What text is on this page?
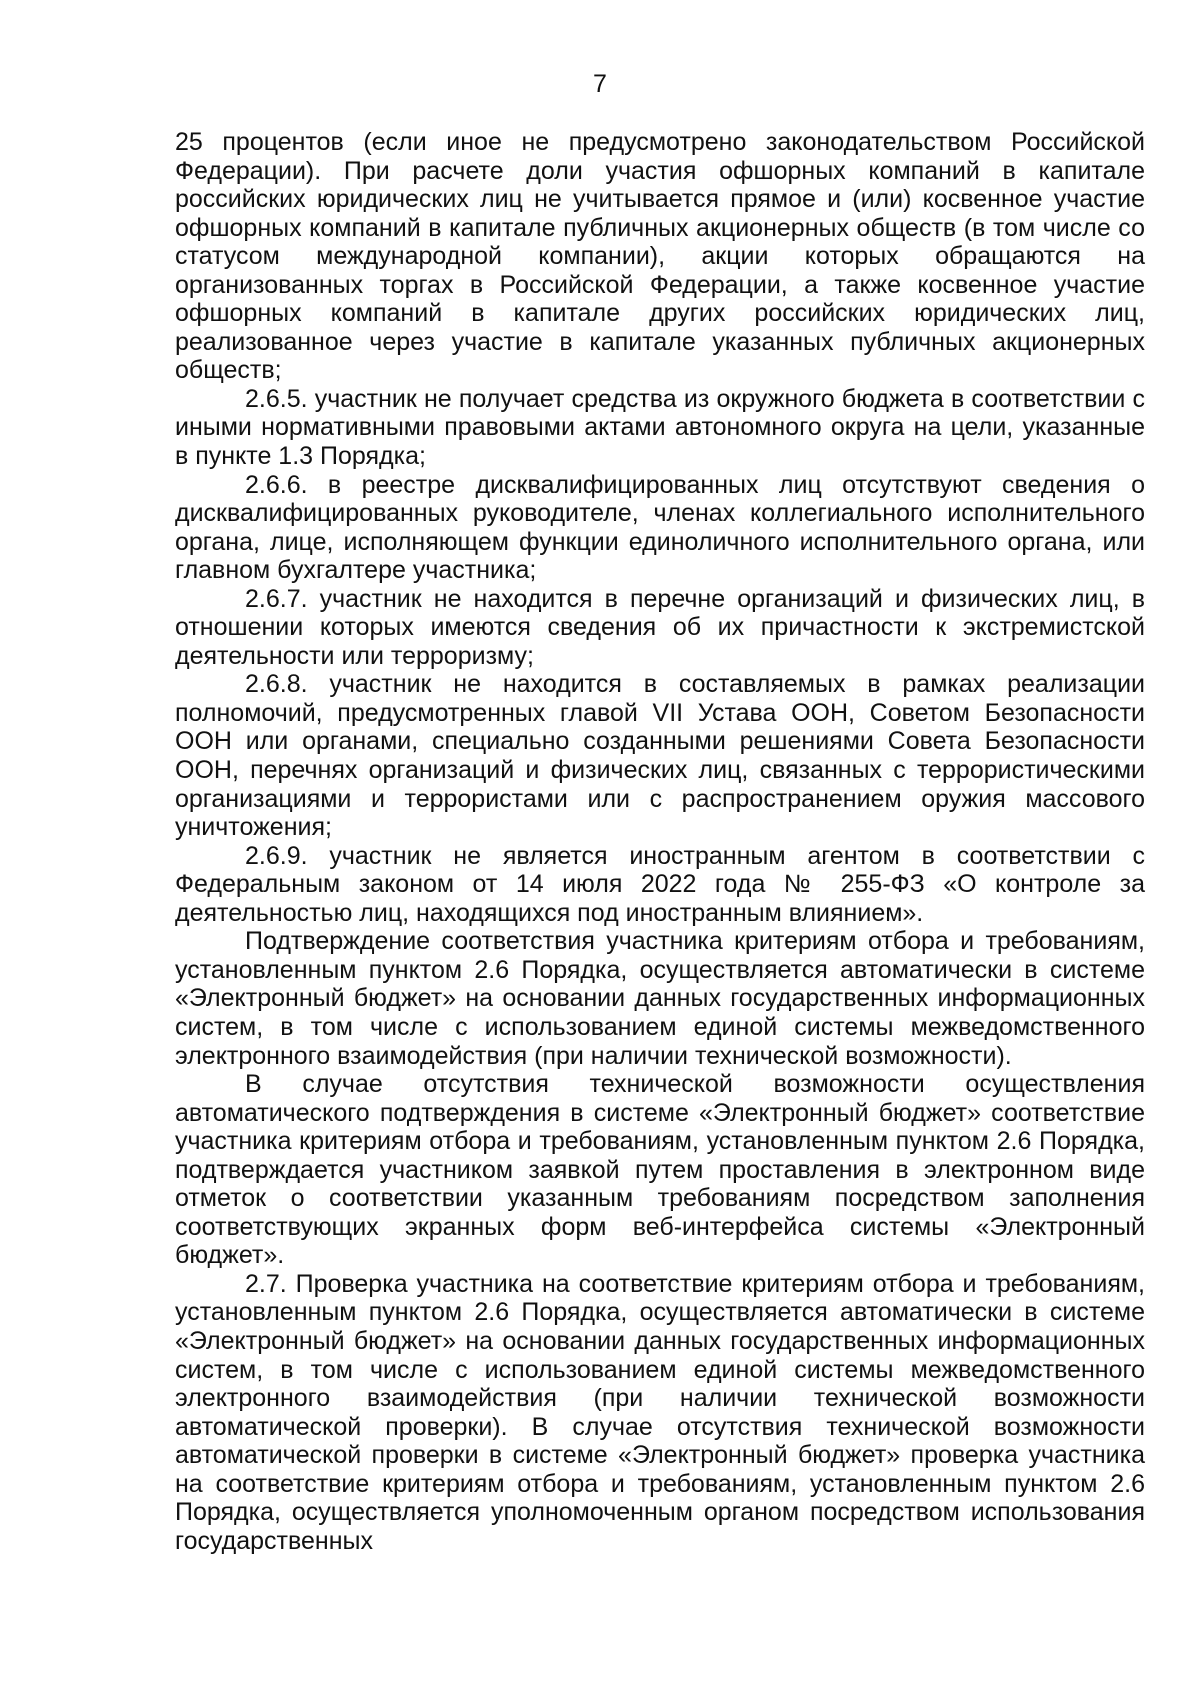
7

25 процентов (если иное не предусмотрено законодательством Российской Федерации). При расчете доли участия офшорных компаний в капитале российских юридических лиц не учитывается прямое и (или) косвенное участие офшорных компаний в капитале публичных акционерных обществ (в том числе со статусом международной компании), акции которых обращаются на организованных торгах в Российской Федерации, а также косвенное участие офшорных компаний в капитале других российских юридических лиц, реализованное через участие в капитале указанных публичных акционерных обществ;

2.6.5. участник не получает средства из окружного бюджета в соответствии с иными нормативными правовыми актами автономного округа на цели, указанные в пункте 1.3 Порядка;

2.6.6. в реестре дисквалифицированных лиц отсутствуют сведения о дисквалифицированных руководителе, членах коллегиального исполнительного органа, лице, исполняющем функции единоличного исполнительного органа, или главном бухгалтере участника;

2.6.7. участник не находится в перечне организаций и физических лиц, в отношении которых имеются сведения об их причастности к экстремистской деятельности или терроризму;

2.6.8. участник не находится в составляемых в рамках реализации полномочий, предусмотренных главой VII Устава ООН, Советом Безопасности ООН или органами, специально созданными решениями Совета Безопасности ООН, перечнях организаций и физических лиц, связанных с террористическими организациями и террористами или с распространением оружия массового уничтожения;

2.6.9. участник не является иностранным агентом в соответствии с Федеральным законом от 14 июля 2022 года № 255-ФЗ «О контроле за деятельностью лиц, находящихся под иностранным влиянием».

Подтверждение соответствия участника критериям отбора и требованиям, установленным пунктом 2.6 Порядка, осуществляется автоматически в системе «Электронный бюджет» на основании данных государственных информационных систем, в том числе с использованием единой системы межведомственного электронного взаимодействия (при наличии технической возможности).

В случае отсутствия технической возможности осуществления автоматического подтверждения в системе «Электронный бюджет» соответствие участника критериям отбора и требованиям, установленным пунктом 2.6 Порядка, подтверждается участником заявкой путем проставления в электронном виде отметок о соответствии указанным требованиям посредством заполнения соответствующих экранных форм веб-интерфейса системы «Электронный бюджет».

2.7. Проверка участника на соответствие критериям отбора и требованиям, установленным пунктом 2.6 Порядка, осуществляется автоматически в системе «Электронный бюджет» на основании данных государственных информационных систем, в том числе с использованием единой системы межведомственного электронного взаимодействия (при наличии технической возможности автоматической проверки). В случае отсутствия технической возможности автоматической проверки в системе «Электронный бюджет» проверка участника на соответствие критериям отбора и требованиям, установленным пунктом 2.6 Порядка, осуществляется уполномоченным органом посредством использования государственных
